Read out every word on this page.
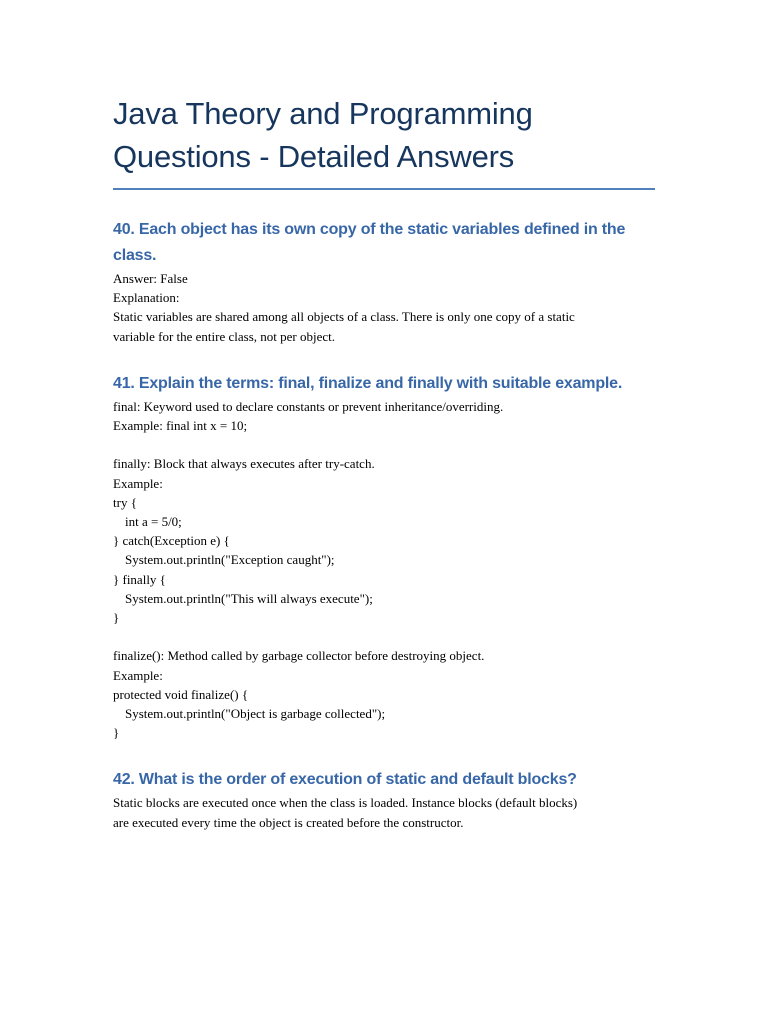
Java Theory and Programming
Questions - Detailed Answers
40. Each object has its own copy of the static variables defined in the
class.

Answer: False

Explanation:

Static variables are shared among all objects of a class. There is only one copy of a static

variable for the entire class, not per object.

41. Explain the terms: final, finalize and finally with suitable example.

final: Keyword used to declare constants or prevent inheritance/overriding.

Example: final int x = 10;

finally: Block that always executes after try-catch.

Example:

try {

int a = 5/0;

} catch(Exception e) {

System.out.println("Exception caught");

} finally {

System.out.println("This will always execute");

}

finalize(): Method called by garbage collector before destroying object.

Example:

protected void finalize() {

System.out.println("Object is garbage collected");

}

42. What is the order of execution of static and default blocks?

Static blocks are executed once when the class is loaded. Instance blocks (default blocks)

are executed every time the object is created before the constructor.
